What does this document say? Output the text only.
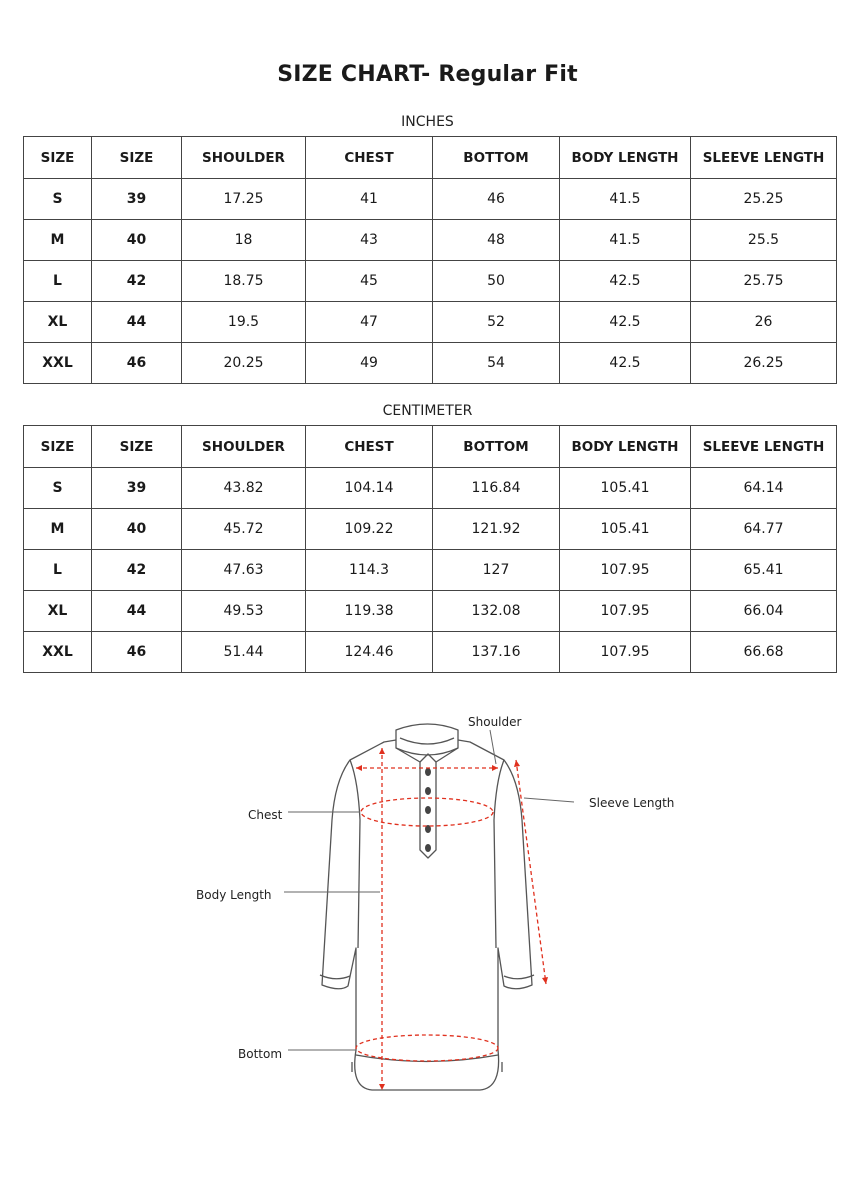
SIZE CHART- Regular Fit
INCHES
SIZE	SIZE	SHOULDER	CHEST	BOTTOM	BODY LENGTH	SLEEVE LENGTH
S	39	17.25	41	46	41.5	25.25
M	40	18	43	48	41.5	25.5
L	42	18.75	45	50	42.5	25.75
XL	44	19.5	47	52	42.5	26
XXL	46	20.25	49	54	42.5	26.25
CENTIMETER
SIZE	SIZE	SHOULDER	CHEST	BOTTOM	BODY LENGTH	SLEEVE LENGTH
S	39	43.82	104.14	116.84	105.41	64.14
M	40	45.72	109.22	121.92	105.41	64.77
L	42	47.63	114.3	127	107.95	65.41
XL	44	49.53	119.38	132.08	107.95	66.04
XXL	46	51.44	124.46	137.16	107.95	66.68
Shoulder
Chest
Sleeve Length
Body Length
Bottom
